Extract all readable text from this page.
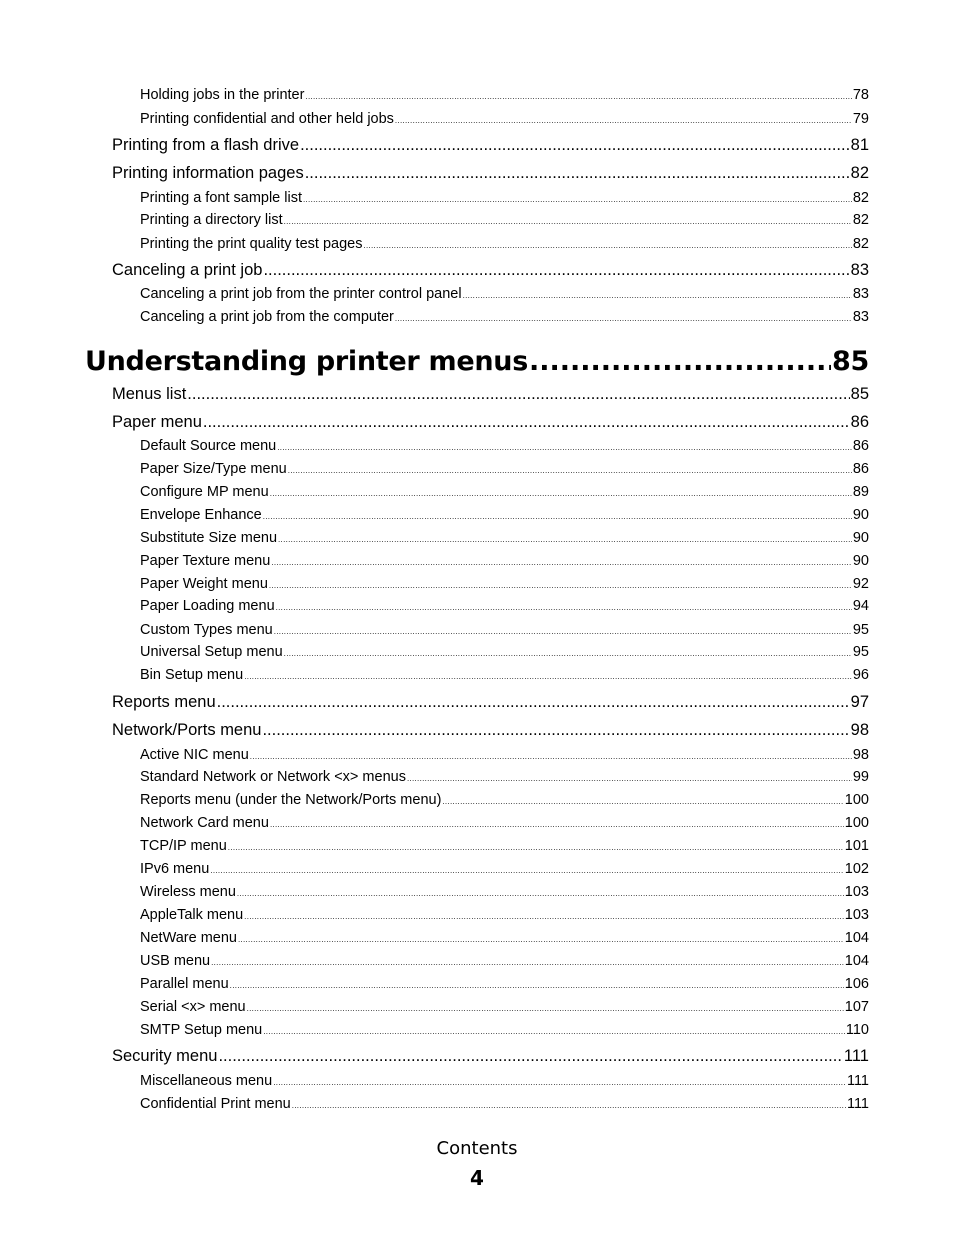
Holding jobs in the printer .....	78
Printing confidential and other held jobs .....	79
Printing from a flash drive .....	81
Printing information pages .....	82
Printing a font sample list .....	82
Printing a directory list .....	82
Printing the print quality test pages .....	82
Canceling a print job .....	83
Canceling a print job from the printer control panel .....	83
Canceling a print job from the computer .....	83
Understanding printer menus .....	85
Menus list .....	85
Paper menu .....	86
Default Source menu .....	86
Paper Size/Type menu .....	86
Configure MP menu .....	89
Envelope Enhance .....	90
Substitute Size menu .....	90
Paper Texture menu .....	90
Paper Weight menu .....	92
Paper Loading menu .....	94
Custom Types menu .....	95
Universal Setup menu .....	95
Bin Setup menu .....	96
Reports menu .....	97
Network/Ports menu .....	98
Active NIC menu .....	98
Standard Network or Network <x> menus .....	99
Reports menu (under the Network/Ports menu) .....	100
Network Card menu .....	100
TCP/IP menu .....	101
IPv6 menu .....	102
Wireless menu .....	103
AppleTalk menu .....	103
NetWare menu .....	104
USB menu .....	104
Parallel menu .....	106
Serial <x> menu .....	107
SMTP Setup menu .....	110
Security menu .....	111
Miscellaneous menu .....	111
Confidential Print menu .....	111
Contents
4
